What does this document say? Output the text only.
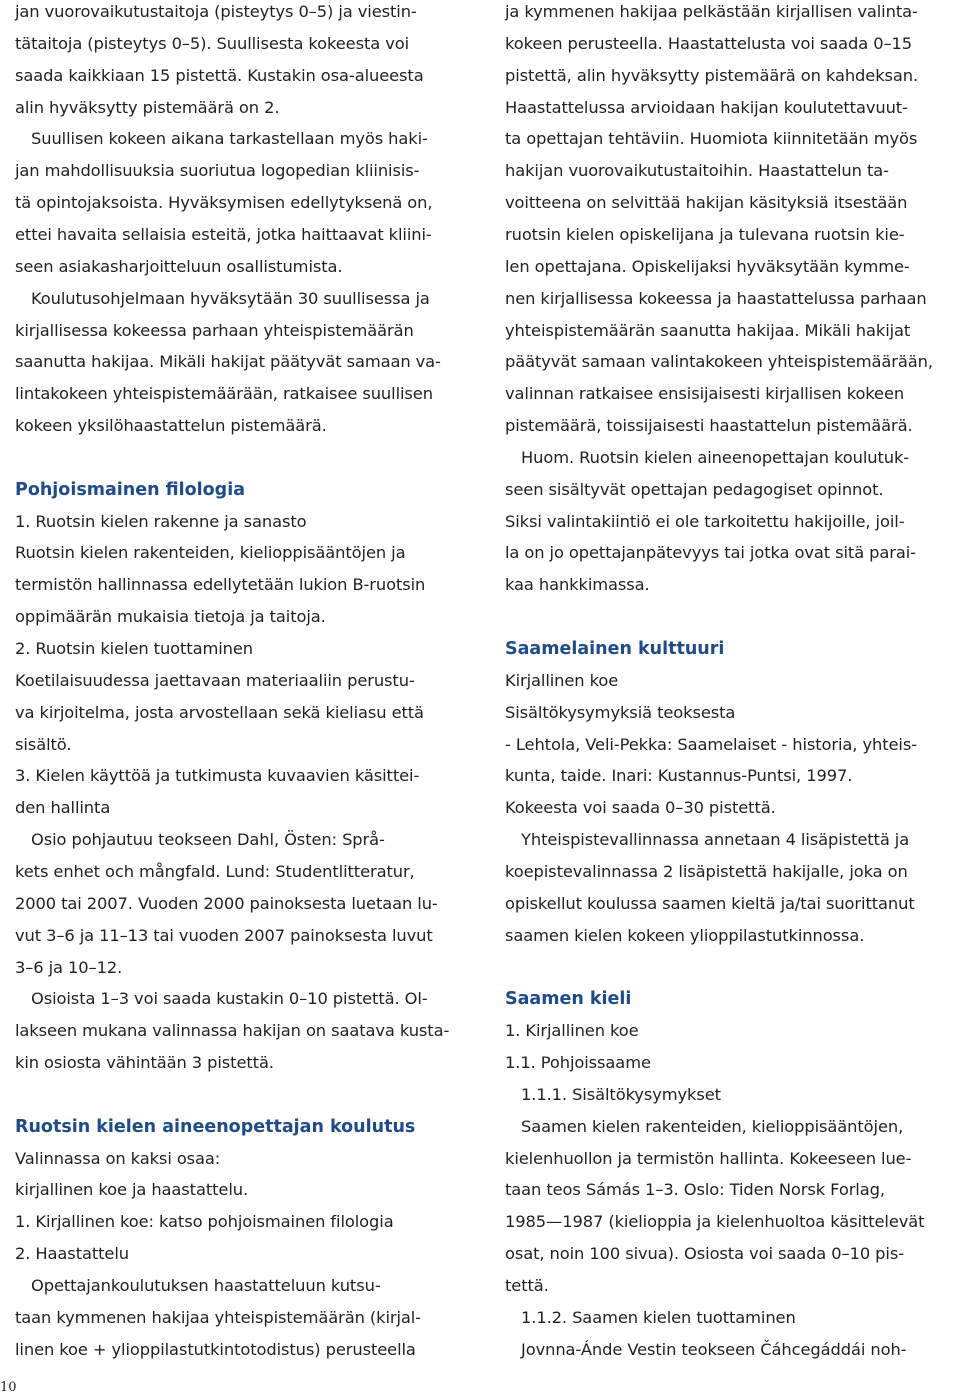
jan vuorovaikutustaitoja (pisteytys 0–5) ja viestin-
tätaitoja (pisteytys 0–5). Suullisesta kokeesta voi
saada kaikkiaan 15 pistettä. Kustakin osa-alueesta
alin hyväksytty pistemäärä on 2.
Suullisen kokeen aikana tarkastellaan myös haki-
jan mahdollisuuksia suoriutua logopedian kliinisis-
tä opintojaksoista. Hyväksymisen edellytyksenä on,
ettei havaita sellaisia esteitä, jotka haittaavat kliini-
seen asiakasharjoitteluun osallistumista.
Koulutusohjelmaan hyväksytään 30 suullisessa ja
kirjallisessa kokeessa parhaan yhteispistemäärän
saanutta hakijaa. Mikäli hakijat päätyvät samaan va-
lintakokeen yhteispistemäärään, ratkaisee suullisen
kokeen yksilöhaastattelun pistemäärä.
Pohjoismainen filologia
1. Ruotsin kielen rakenne ja sanasto
Ruotsin kielen rakenteiden, kielioppisääntöjen ja
termistön hallinnassa edellytetään lukion B-ruotsin
oppimäärän mukaisia tietoja ja taitoja.
2. Ruotsin kielen tuottaminen
Koetilaisuudessa jaettavaan materiaaliin perustu-
va kirjoitelma, josta arvostellaan sekä kieliasu että
sisältö.
3. Kielen käyttöä ja tutkimusta kuvaavien käsittei-
den hallinta
Osio pohjautuu teokseen Dahl, Östen: Språ-
kets enhet och mångfald. Lund: Studentlitteratur,
2000 tai 2007. Vuoden 2000 painoksesta luetaan lu-
vut 3–6 ja 11–13 tai vuoden 2007 painoksesta luvut
3–6 ja 10–12.
Osioista 1–3 voi saada kustakin 0–10 pistettä. Ol-
lakseen mukana valinnassa hakijan on saatava kusta-
kin osiosta vähintään 3 pistettä.
Ruotsin kielen aineenopettajan koulutus
Valinnassa on kaksi osaa:
kirjallinen koe ja haastattelu.
1. Kirjallinen koe: katso pohjoismainen filologia
2. Haastattelu
Opettajankoulutuksen haastatteluun kutsu-
taan kymmenen hakijaa yhteispistemäärän (kirjal-
linen koe + ylioppilastutkintotodistus) perusteella
ja kymmenen hakijaa pelkästään kirjallisen valinta-
kokeen perusteella. Haastattelusta voi saada 0–15
pistettä, alin hyväksytty pistemäärä on kahdeksan.
Haastattelussa arvioidaan hakijan koulutettavuut-
ta opettajan tehtäviin. Huomiota kiinnitetään myös
hakijan vuorovaikutustaitoihin. Haastattelun ta-
voitteena on selvittää hakijan käsityksiä itsestään
ruotsin kielen opiskelijana ja tulevana ruotsin kie-
len opettajana. Opiskelijaksi hyväksytään kymme-
nen kirjallisessa kokeessa ja haastattelussa parhaan
yhteispistemäärän saanutta hakijaa. Mikäli hakijat
päätyvät samaan valintakokeen yhteispistemäärään,
valinnan ratkaisee ensisijaisesti kirjallisen kokeen
pistemäärä, toissijaisesti haastattelun pistemäärä.
Huom. Ruotsin kielen aineenopettajan koulutuk-
seen sisältyvät opettajan pedagogiset opinnot.
Siksi valintakiintiö ei ole tarkoitettu hakijoille, joil-
la on jo opettajanpätevyys tai jotka ovat sitä parai-
kaa hankkimassa.
Saamelainen kulttuuri
Kirjallinen koe
Sisältökysymyksiä teoksesta
- Lehtola, Veli-Pekka: Saamelaiset - historia, yhteis-
kunta, taide. Inari: Kustannus-Puntsi, 1997.
Kokeesta voi saada 0–30 pistettä.
Yhteispistevallinnassa annetaan 4 lisäpistettä ja
koepistevalinnassa 2 lisäpistettä hakijalle, joka on
opiskellut koulussa saamen kieltä ja/tai suorittanut
saamen kielen kokeen ylioppilastutkinnossa.
Saamen kieli
1. Kirjallinen koe
1.1. Pohjoissaame
1.1.1. Sisältökysymykset
Saamen kielen rakenteiden, kielioppisääntöjen,
kielenhuollon ja termistön hallinta. Kokeeseen lue-
taan teos Sámás 1–3. Oslo: Tiden Norsk Forlag,
1985—1987 (kielioppia ja kielenhuoltoa käsittelevät
osat, noin 100 sivua). Osiosta voi saada 0–10 pis-
tettä.
1.1.2. Saamen kielen tuottaminen
Jovnna-Ánde Vestin teokseen Čáhcegáddái noh-
10
